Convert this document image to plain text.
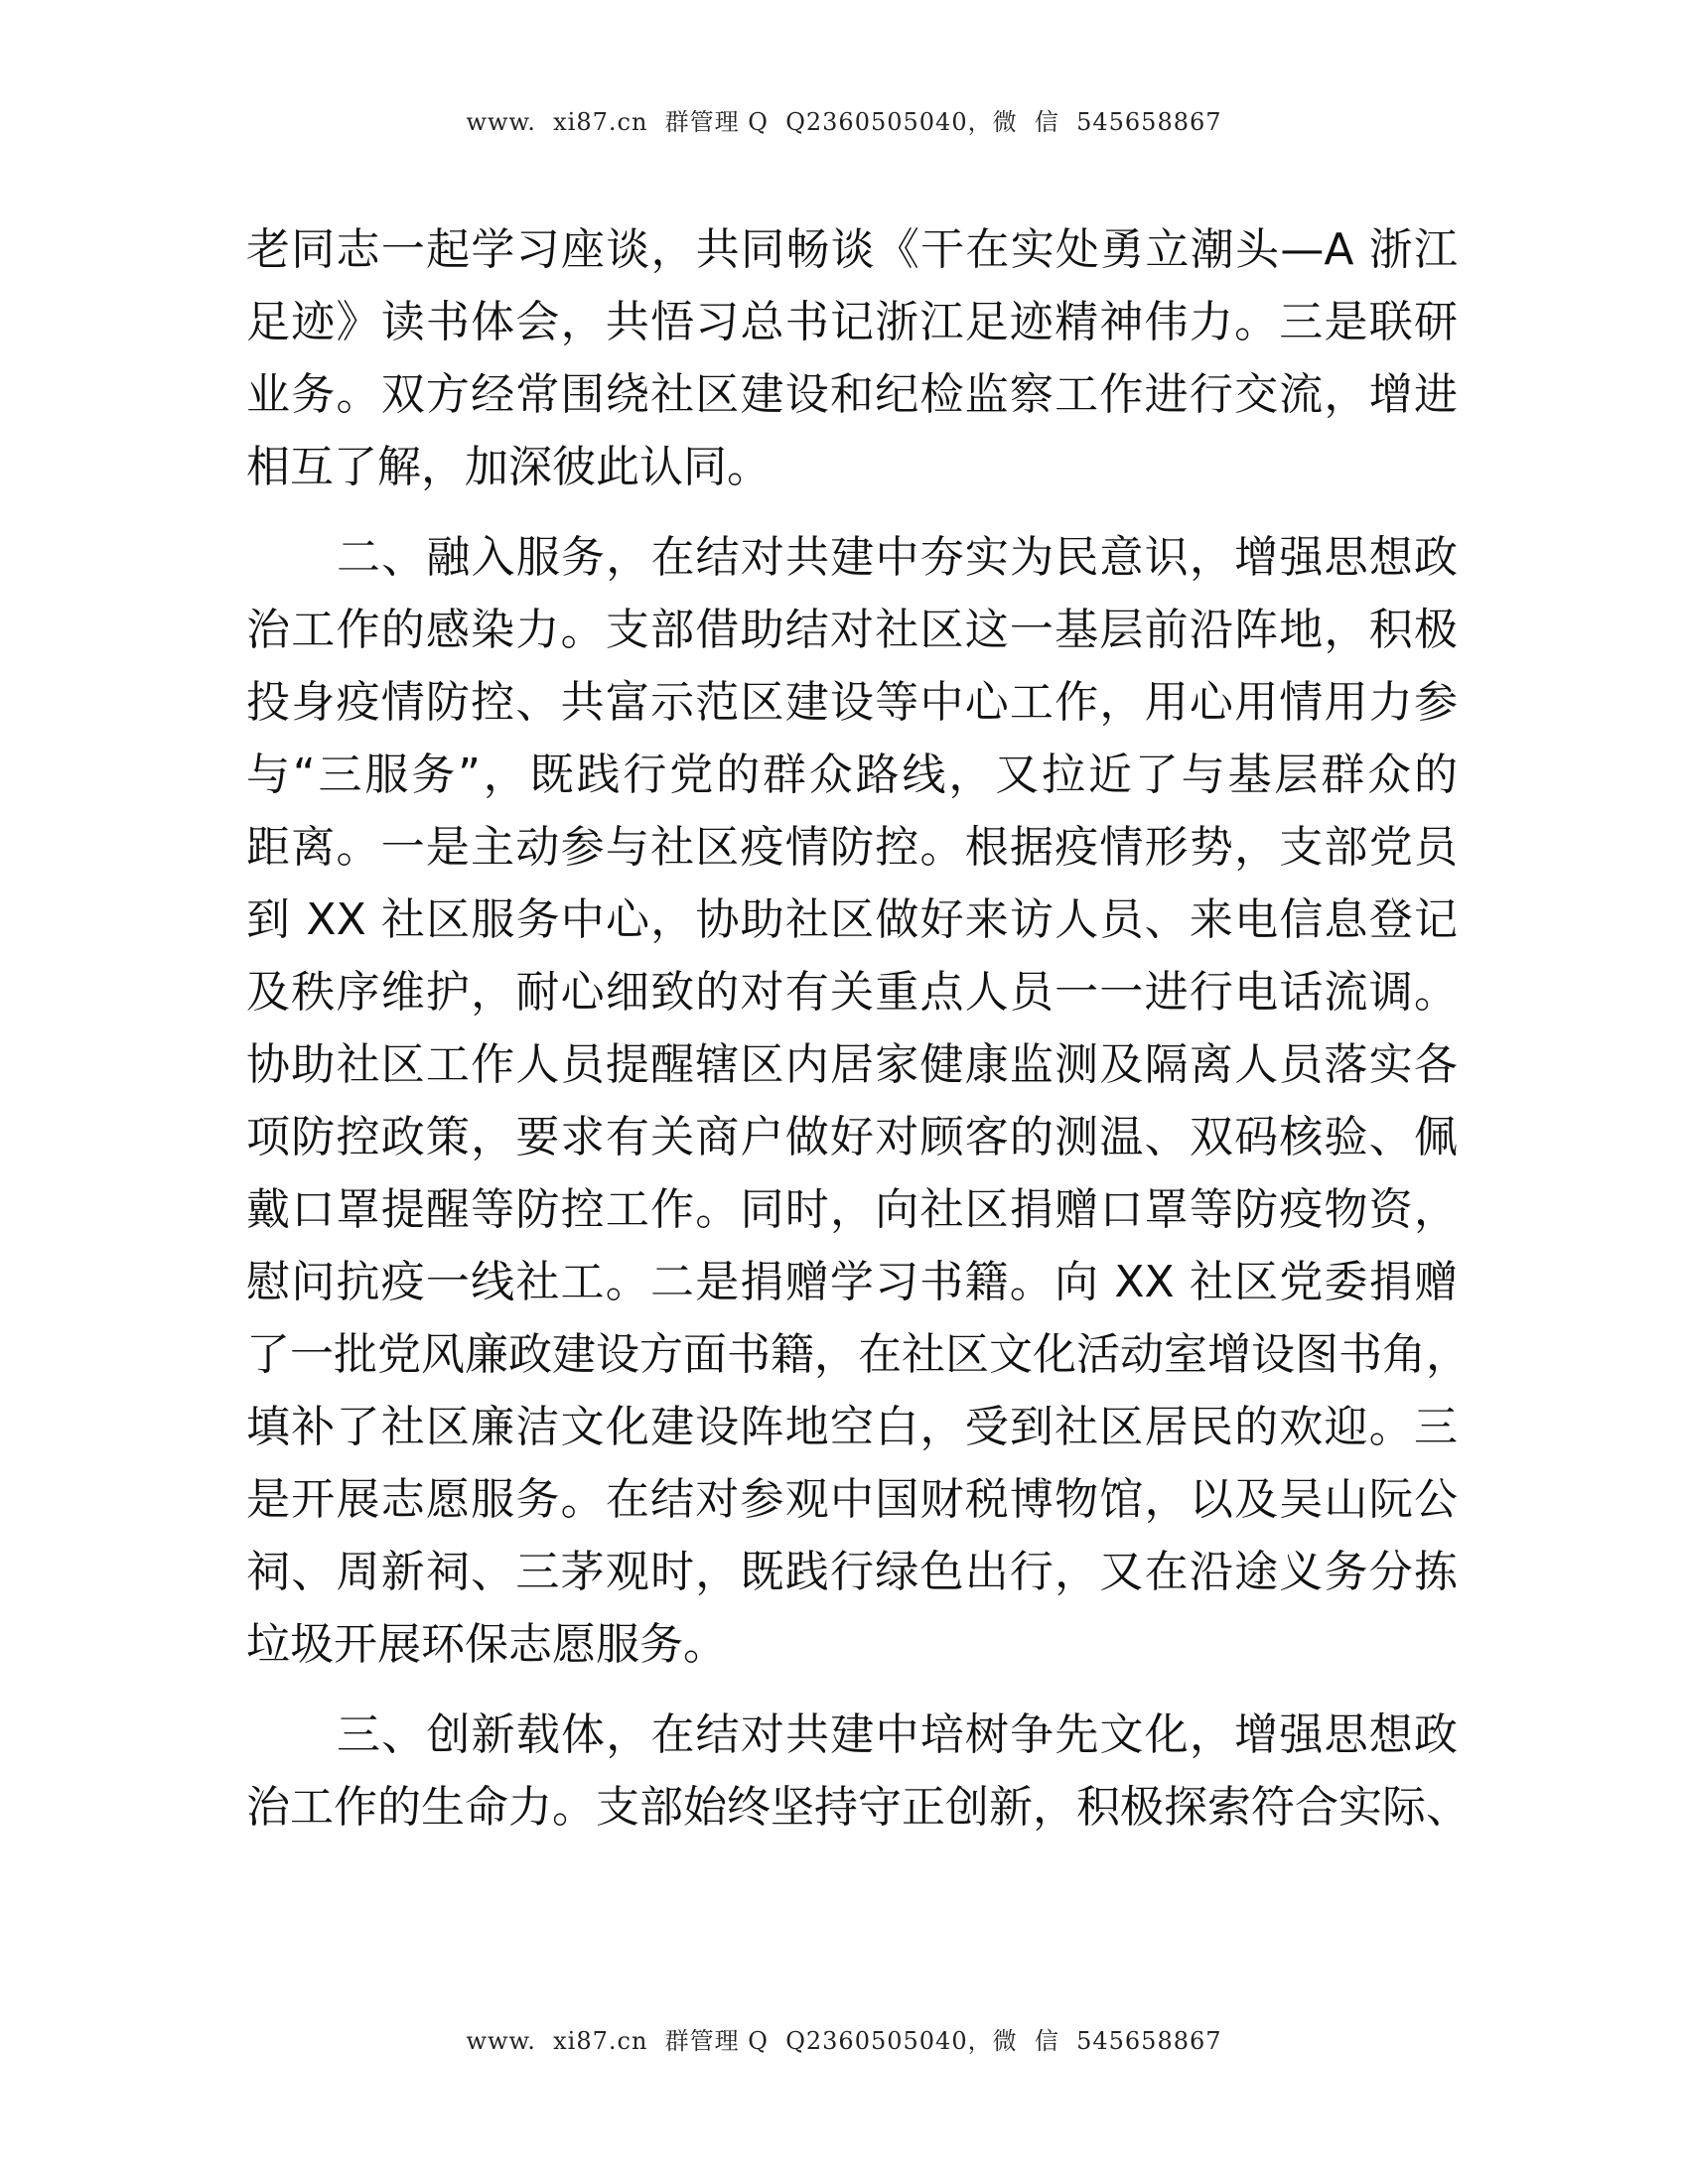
www.  xi87.cn  群管理 Q  Q2360505040，微  信  545658867

老同志一起学习座谈，共同畅谈《干在实处勇立潮头—A 浙江
足迹》读书体会，共悟习总书记浙江足迹精神伟力。三是联研
业务。双方经常围绕社区建设和纪检监察工作进行交流，增进
相互了解，加深彼此认同。

二、融入服务，在结对共建中夯实为民意识，增强思想政
治工作的感染力。支部借助结对社区这一基层前沿阵地，积极
投身疫情防控、共富示范区建设等中心工作，用心用情用力参
与“三服务”，既践行党的群众路线，又拉近了与基层群众的
距离。一是主动参与社区疫情防控。根据疫情形势，支部党员
到 XX 社区服务中心，协助社区做好来访人员、来电信息登记
及秩序维护，耐心细致的对有关重点人员一一进行电话流调。
协助社区工作人员提醒辖区内居家健康监测及隔离人员落实各
项防控政策，要求有关商户做好对顾客的测温、双码核验、佩
戴口罩提醒等防控工作。同时，向社区捐赠口罩等防疫物资，
慰问抗疫一线社工。二是捐赠学习书籍。向 XX 社区党委捐赠
了一批党风廉政建设方面书籍，在社区文化活动室增设图书角，
填补了社区廉洁文化建设阵地空白，受到社区居民的欢迎。三
是开展志愿服务。在结对参观中国财税博物馆，以及吴山阮公
祠、周新祠、三茅观时，既践行绿色出行，又在沿途义务分拣
垃圾开展环保志愿服务。

三、创新载体，在结对共建中培树争先文化，增强思想政
治工作的生命力。支部始终坚持守正创新，积极探索符合实际、

www.  xi87.cn  群管理 Q  Q2360505040，微  信  545658867
